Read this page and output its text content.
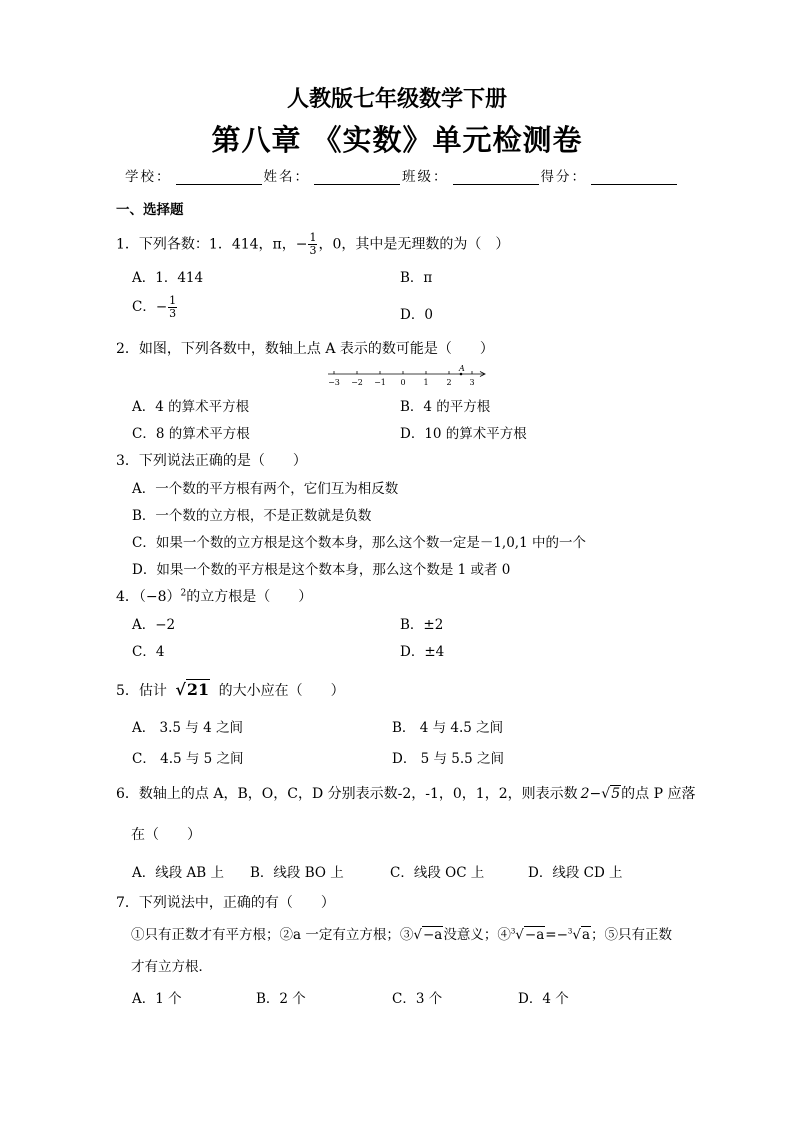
人教版七年级数学下册
第八章 《实数》单元检测卷
学校：	姓名：	班级：	得分：
一、选择题
1．下列各数：1．414，π，− $\frac{1}{3}$ ，0，其中是无理数的为（　）
A．1．414	B．π
C．− $\frac{1}{3}$	D．0
2．如图，下列各数中，数轴上点 A 表示的数可能是（　　）
−3 −2 −1 0 1 2 3
A
A．4 的算术平方根	B．4 的平方根
C．8 的算术平方根	D．10 的算术平方根
3．下列说法正确的是（　　）
A．一个数的平方根有两个，它们互为相反数
B．一个数的立方根，不是正数就是负数
C．如果一个数的立方根是这个数本身，那么这个数一定是－1,0,1 中的一个
D．如果一个数的平方根是这个数本身，那么这个数是 1 或者 0
4．$(-8)^2$的立方根是（　　）
A．−2	B．±2
C．4	D．±4
5．估计 √21 的大小应在（　　）
A． 3.5 与 4 之间	B． 4 与 4.5 之间
C． 4.5 与 5 之间	D． 5 与 5.5 之间
6．数轴上的点 A，B，O，C，D 分别表示数-2，-1，0，1，2，则表示数 2−√5的点 P 应落
在（　　）
A．线段 AB 上 B．线段 BO 上	C．线段 OC 上	D．线段 CD 上
7．下列说法中，正确的有（　　）
①只有正数才有平方根；②a 一定有立方根；③√−a没意义；④$^3$√−a=−$^3$√a；⑤只有正数
才有立方根．
A．1 个	B．2 个	C．3 个	D．4 个
